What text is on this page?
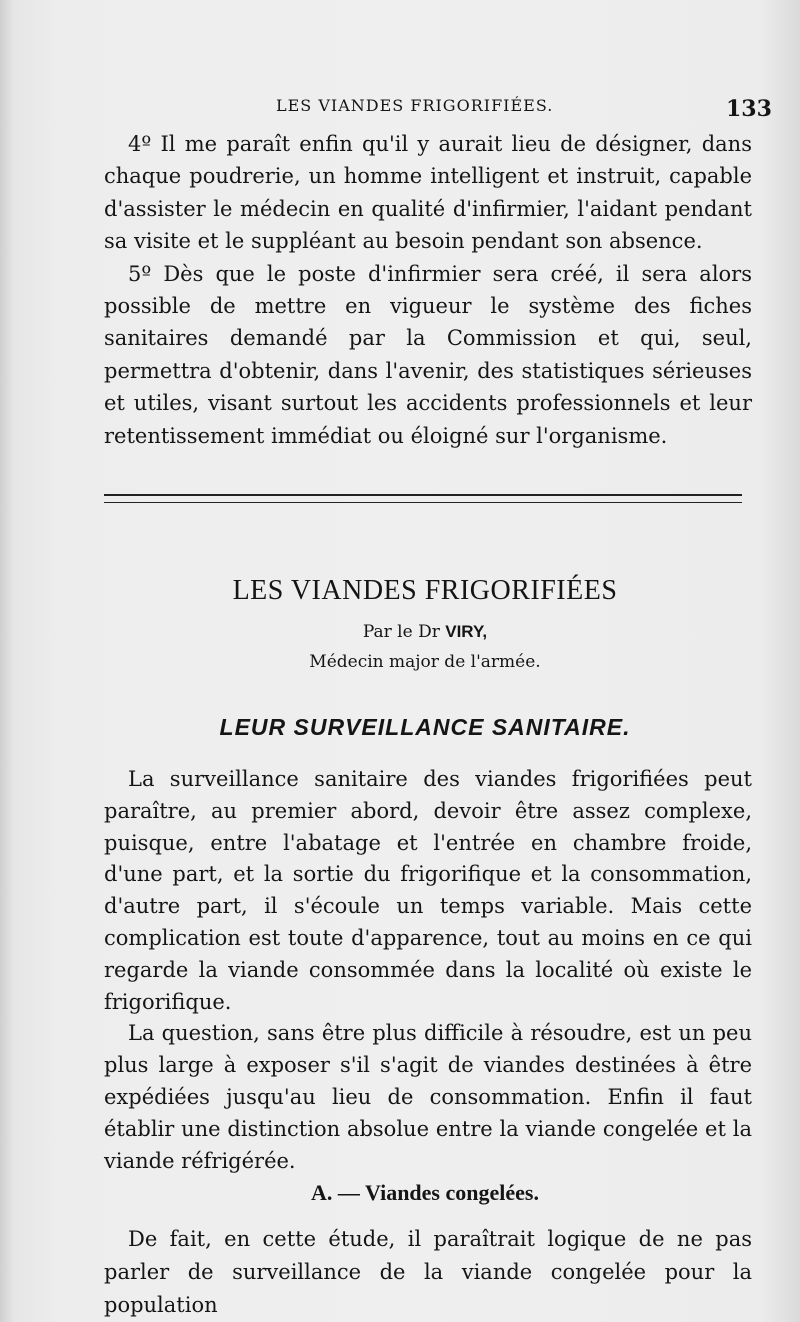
LES VIANDES FRIGORIFIÉES.	133

4º Il me paraît enfin qu'il y aurait lieu de désigner, dans chaque poudrerie, un homme intelligent et instruit, capable d'assister le médecin en qualité d'infirmier, l'aidant pendant sa visite et le suppléant au besoin pendant son absence.

5º Dès que le poste d'infirmier sera créé, il sera alors possible de mettre en vigueur le système des fiches sanitaires demandé par la Commission et qui, seul, permettra d'obtenir, dans l'avenir, des statistiques sérieuses et utiles, visant surtout les accidents professionnels et leur retentissement immédiat ou éloigné sur l'organisme.

LES VIANDES FRIGORIFIÉES
Par le Dr VIRY,
Médecin major de l'armée.
LEUR SURVEILLANCE SANITAIRE.

La surveillance sanitaire des viandes frigorifiées peut paraître, au premier abord, devoir être assez complexe, puisque, entre l'abatage et l'entrée en chambre froide, d'une part, et la sortie du frigorifique et la consommation, d'autre part, il s'écoule un temps variable. Mais cette complication est toute d'apparence, tout au moins en ce qui regarde la viande consommée dans la localité où existe le frigorifique.

La question, sans être plus difficile à résoudre, est un peu plus large à exposer s'il s'agit de viandes destinées à être expédiées jusqu'au lieu de consommation. Enfin il faut établir une distinction absolue entre la viande congelée et la viande réfrigérée.

A. — Viandes congelées.

De fait, en cette étude, il paraîtrait logique de ne pas parler de surveillance de la viande congelée pour la population
